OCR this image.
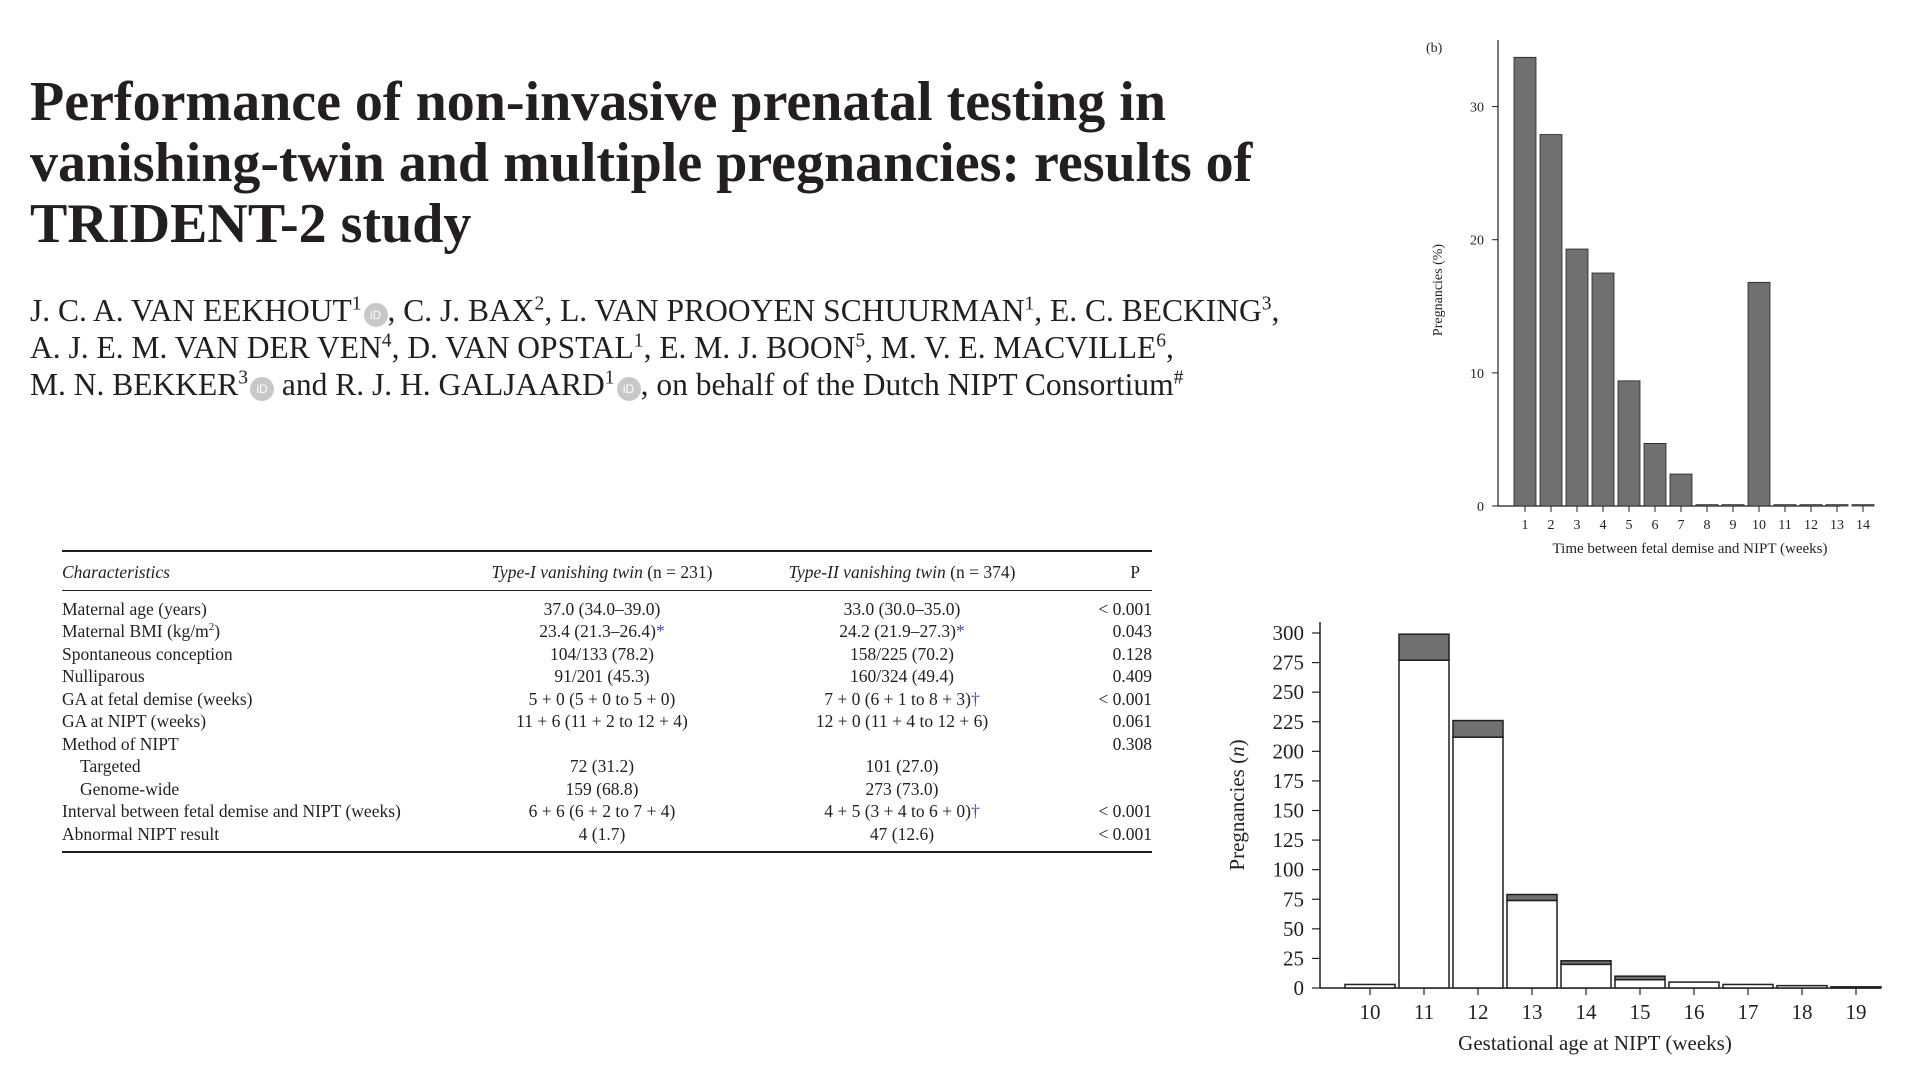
Performance of non-invasive prenatal testing in vanishing-twin and multiple pregnancies: results of TRIDENT-2 study
J. C. A. VAN EEKHOUT$^1$iD , C. J. BAX$^2$, L. VAN PROOYEN SCHUURMAN$^1$, E. C. BECKING$^3$,
A. J. E. M. VAN DER VEN$^4$, D. VAN OPSTAL$^1$, E. M. J. BOON$^5$, M. V. E. MACVILLE$^6$,
M. N. BEKKER$^3$iD and R. J. H. GALJAARD$^1$iD , on behalf of the Dutch NIPT Consortium#
Characteristics	Type-I vanishing twin (n = 231)	Type-II vanishing twin (n = 374)	P
Maternal age (years)	37.0 (34.0–39.0)	33.0 (30.0–35.0)	< 0.001
Maternal BMI $(kg/m^2)$	23.4 (21.3–26.4)*	24.2 (21.9–27.3)*	0.043
Spontaneous conception	104/133 (78.2)	158/225 (70.2)	0.128
Nulliparous	91/201 (45.3)	160/324 (49.4)	0.409
GA at fetal demise (weeks)	5 + 0 (5 + 0 to 5 + 0)	7 + 0 (6 + 1 to 8 + 3)†	< 0.001
GA at NIPT (weeks)	11 + 6 (11 + 2 to 12 + 4)	12 + 0 (11 + 4 to 12 + 6)	0.061
Method of NIPT			0.308
Targeted	72 (31.2)	101 (27.0)	
Genome-wide	159 (68.8)	273 (73.0)	
Interval between fetal demise and NIPT (weeks)	6 + 6 (6 + 2 to 7 + 4)	4 + 5 (3 + 4 to 6 + 0)†	< 0.001
Abnormal NIPT result	4 (1.7)	47 (12.6)	< 0.001
(b)
0
10
20
30
1 2 3 4 5 6 7 8 9 10 11 12 13 14
Time between fetal demise and NIPT (weeks)
Pregnancies (%)
0
25
50
75
100
125
150
175
200
225
250
275
300
10 11 12 13 14 15 16 17 18 19
Gestational age at NIPT (weeks)
Pregnancies (n)
